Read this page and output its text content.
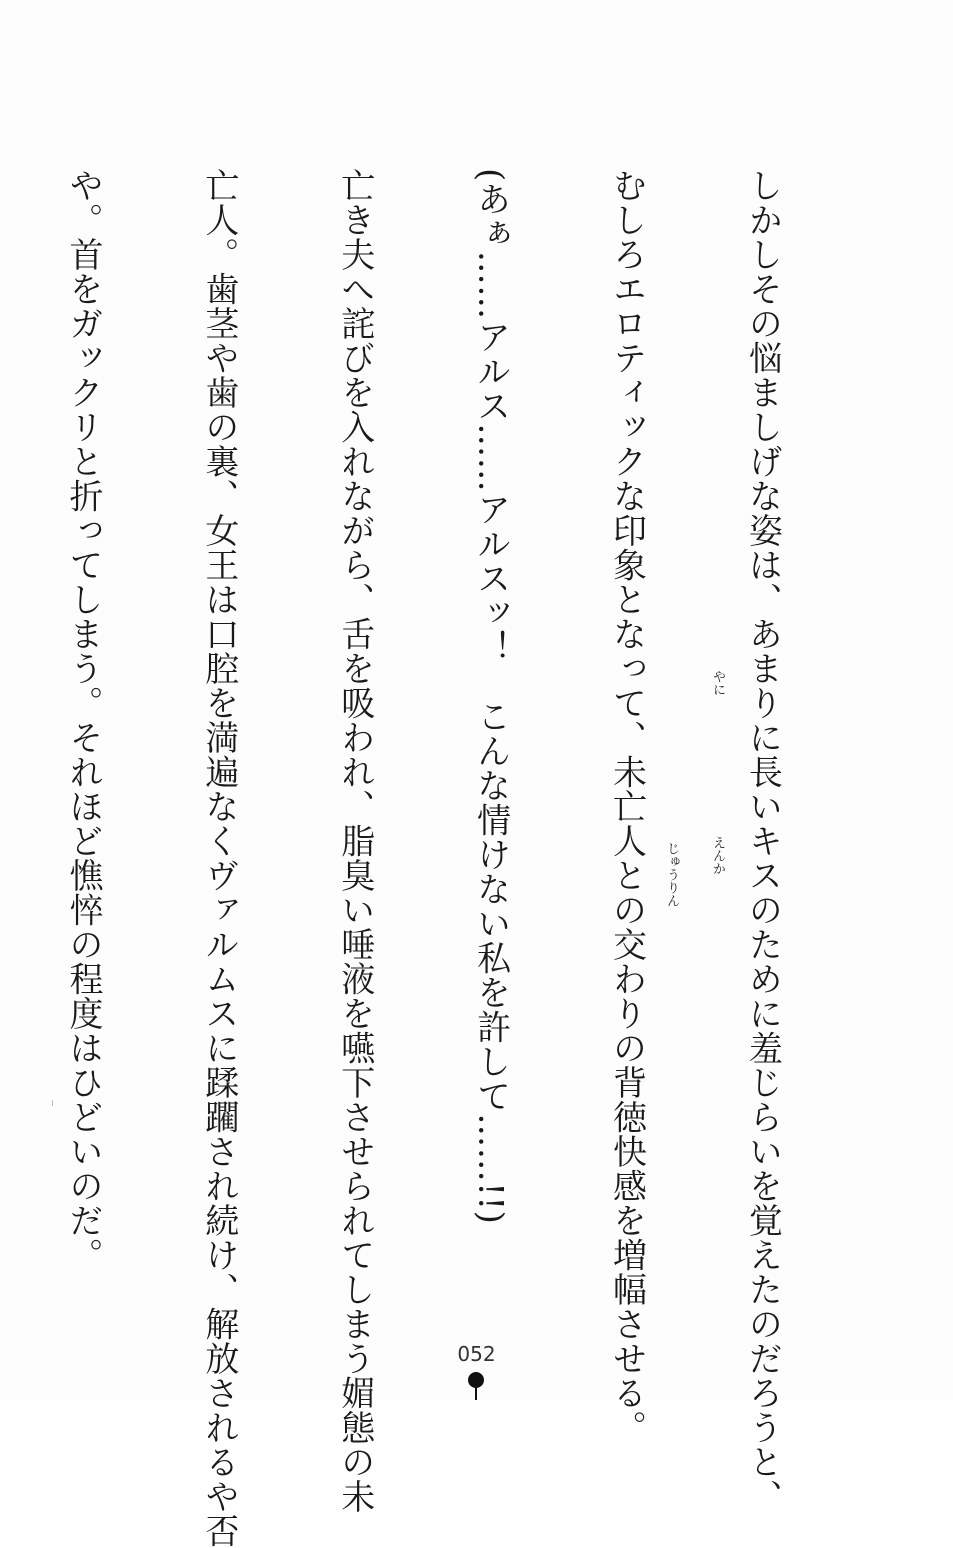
しかしその悩ましげな姿は、あまりに長いキスのために羞じらいを覚えたのだろうと、

むしろエロティックな印象となって、未亡人との交わりの背徳快感を増幅させる。

(あぁ……アルス……アルスッ！　こんな情けない私を許して……!!)

亡き夫へ詫びを入れながら、舌を吸われ、脂臭い唾液を嚥下させられてしまう媚態の未

亡人。歯茎や歯の裏、女王は口腔を満遍なくヴァルムスに蹂躙され続け、解放されるや否

や。首をガックリと折ってしまう。それほど憔悴の程度はひどいのだ。

	やに
えんか
じゅうりん
052
